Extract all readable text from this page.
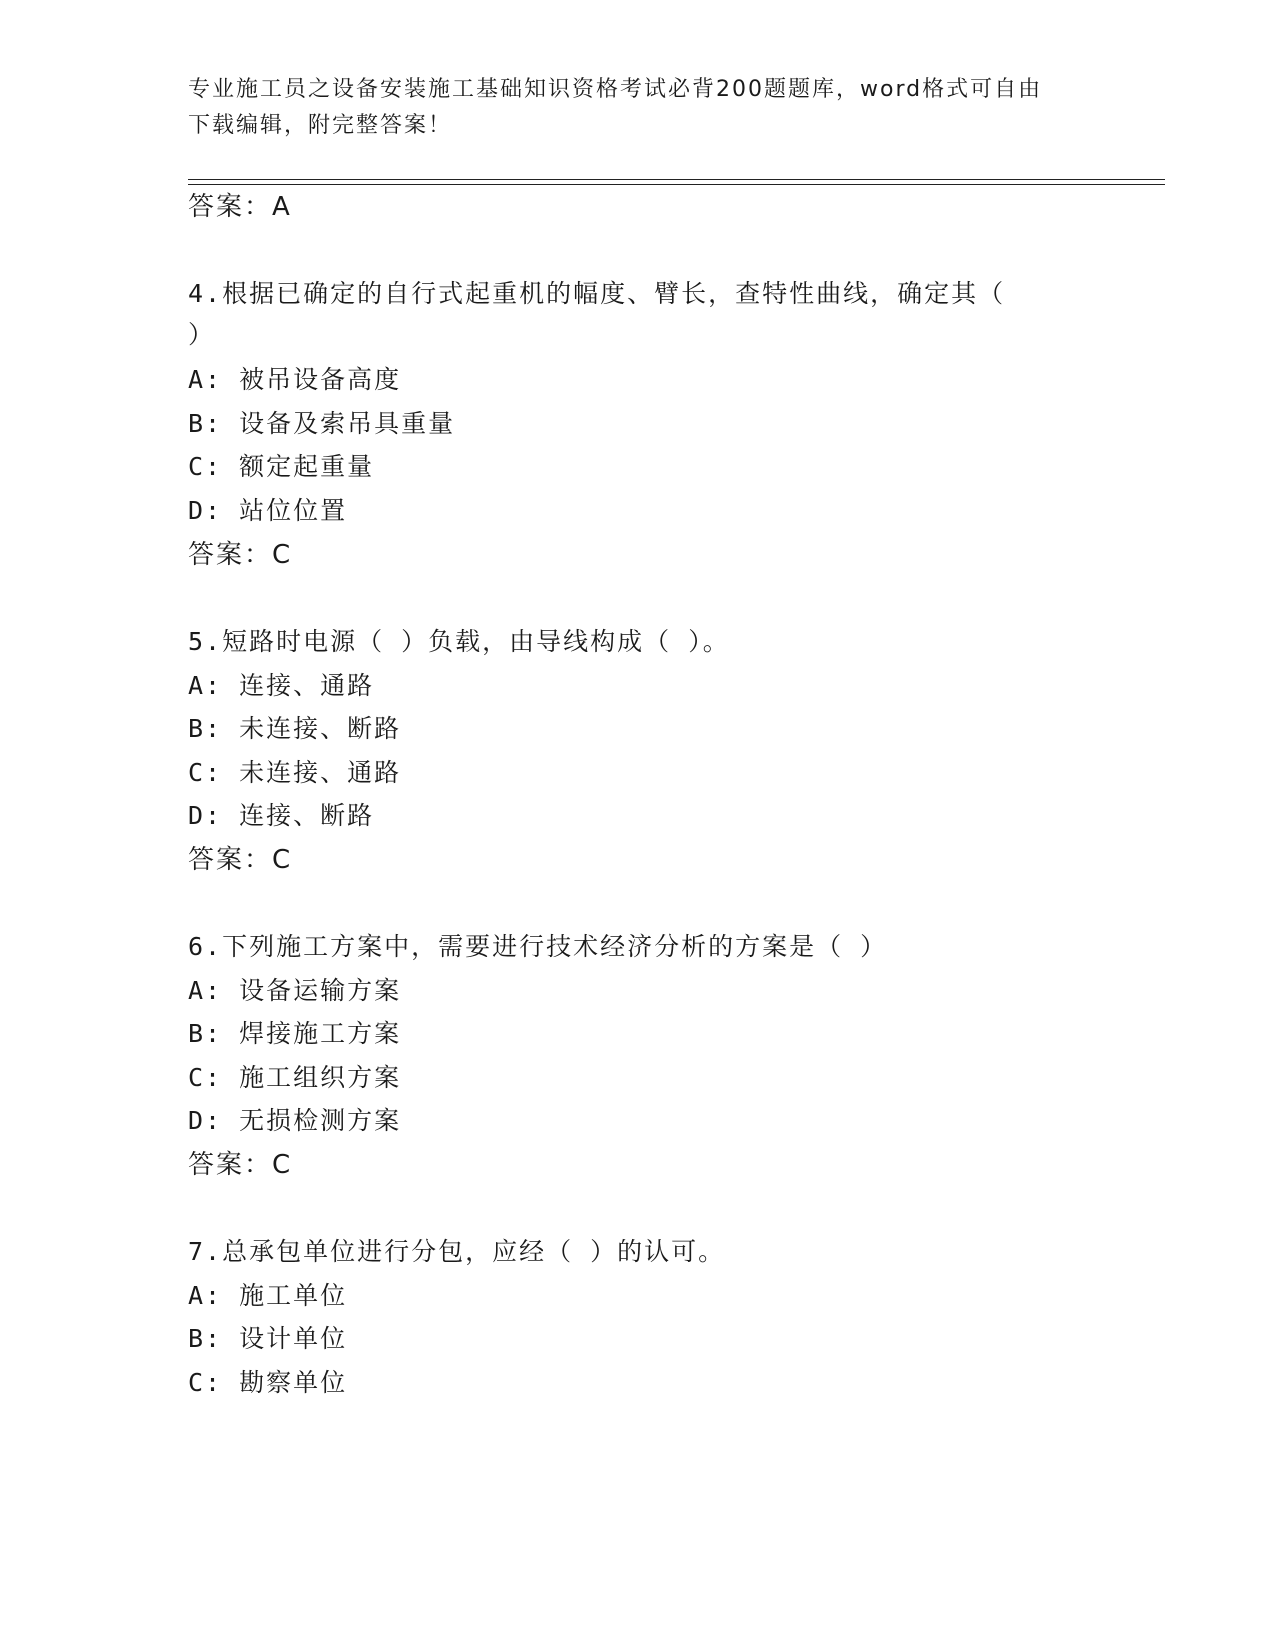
专业施工员之设备安装施工基础知识资格考试必背200题题库，word格式可自由
下载编辑，附完整答案！
答案：A
4.根据已确定的自行式起重机的幅度、臂长，查特性曲线，确定其（
）
A: 被吊设备高度
B: 设备及索吊具重量
C: 额定起重量
D: 站位位置
答案：C
5.短路时电源（ ）负载，由导线构成（ ）。
A: 连接、通路
B: 未连接、断路
C: 未连接、通路
D: 连接、断路
答案：C
6.下列施工方案中，需要进行技术经济分析的方案是（ ）
A: 设备运输方案
B: 焊接施工方案
C: 施工组织方案
D: 无损检测方案
答案：C
7.总承包单位进行分包，应经（ ）的认可。
A: 施工单位
B: 设计单位
C: 勘察单位
